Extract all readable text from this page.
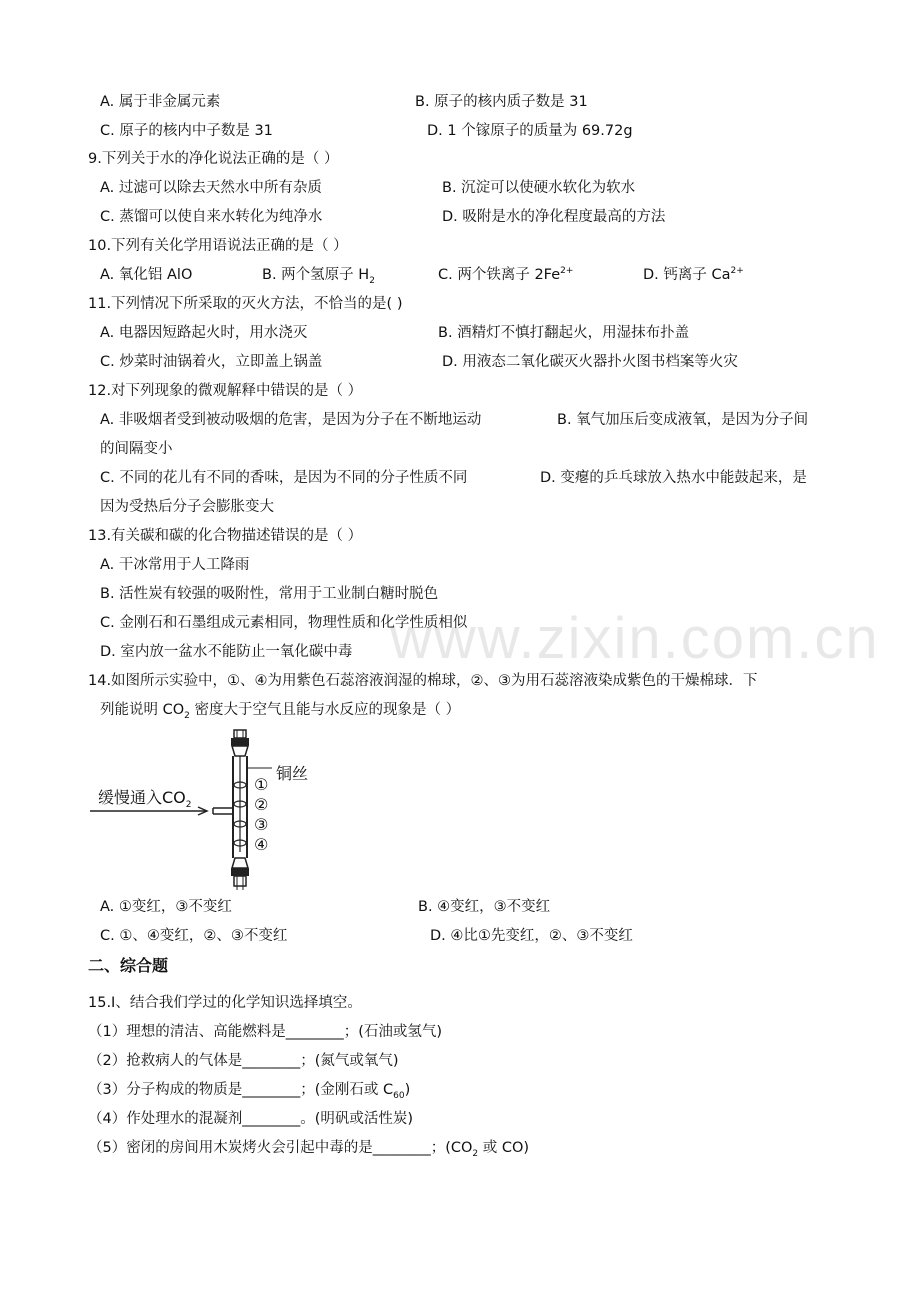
www.zixin.com.cn
A. 属于非金属元素	B. 原子的核内质子数是 31
C. 原子的核内中子数是 31	D. 1 个镓原子的质量为 69.72g
9.下列关于水的净化说法正确的是（ ）
A. 过滤可以除去天然水中所有杂质	B. 沉淀可以使硬水软化为软水
C. 蒸馏可以使自来水转化为纯净水	D. 吸附是水的净化程度最高的方法
10.下列有关化学用语说法正确的是（ ）
A. 氧化铝 AlO	B. 两个氢原子 $H_2$	C. 两个铁离子 $2Fe^{2+}$	D. 钙离子 $Ca^{2+}$
11.下列情况下所采取的灭火方法，不恰当的是( )
A. 电器因短路起火时，用水浇灭	B. 酒精灯不慎打翻起火，用湿抹布扑盖
C. 炒菜时油锅着火，立即盖上锅盖	D. 用液态二氧化碳灭火器扑火图书档案等火灾
12.对下列现象的微观解释中错误的是（ ）
A. 非吸烟者受到被动吸烟的危害，是因为分子在不断地运动	B. 氧气加压后变成液氧，是因为分子间
的间隔变小
C. 不同的花儿有不同的香味，是因为不同的分子性质不同	D. 变瘪的乒乓球放入热水中能鼓起来，是
因为受热后分子会膨胀变大
13.有关碳和碳的化合物描述错误的是（ ）
A. 干冰常用于人工降雨
B. 活性炭有较强的吸附性，常用于工业制白糖时脱色
C. 金刚石和石墨组成元素相同，物理性质和化学性质相似
D. 室内放一盆水不能防止一氧化碳中毒
14.如图所示实验中，①、④为用紫色石蕊溶液润湿的棉球，②、③为用石蕊溶液染成紫色的干燥棉球．下
列能说明 $CO_2$ 密度大于空气且能与水反应的现象是（ ）
缓慢通入$CO_2$
铜丝
①
②
③
④
A. ①变红，③不变红	B. ④变红，③不变红
C. ①、④变红，②、③不变红	D. ④比①先变红，②、③不变红
二、综合题
15.Ⅰ、结合我们学过的化学知识选择填空。
（1）理想的清洁、高能燃料是________；(石油或氢气)
（2）抢救病人的气体是________；(氮气或氧气)
（3）分子构成的物质是________；(金刚石或 $C_{60}$)
（4）作处理水的混凝剂________。(明矾或活性炭)
（5）密闭的房间用木炭烤火会引起中毒的是________；($CO_2$ 或 CO)
